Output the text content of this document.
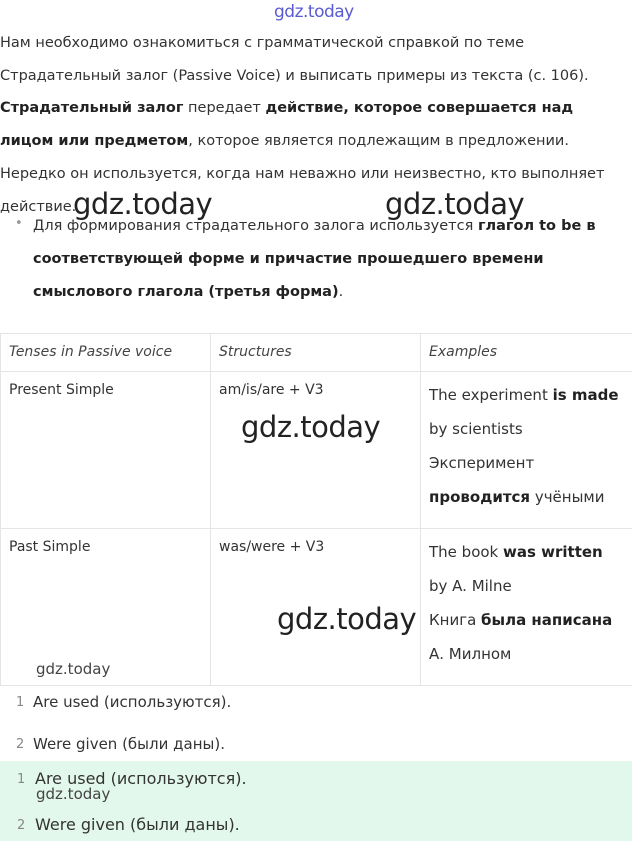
gdz.today
Нам необходимо ознакомиться с грамматической справкой по теме
Страдательный залог (Passive Voice) и выписать примеры из текста (с. 106).
Страдательный залог передает действие, которое совершается над лицом или предметом, которое является подлежащим в предложении. Нередко он используется, когда нам неважно или неизвестно, кто выполняет действие.
gdz.today	gdz.today
• Для формирования страдательного залога используется глагол to be в соответствующей форме и причастие прошедшего времени смыслового глагола (третья форма).
Tenses in Passive voice	Structures	Examples
Present Simple	am/is/are + V3	The experiment is made by scientists
Эксперимент проводится учёными

Past Simple	was/were + V3	The book was written by A. Milne
Книга была написана А. Милном
gdz.today
gdz.today
gdz.today
1 Are used (используются).
2 Were given (были даны).
1 Are used (используются).
gdz.today
2 Were given (были даны).
